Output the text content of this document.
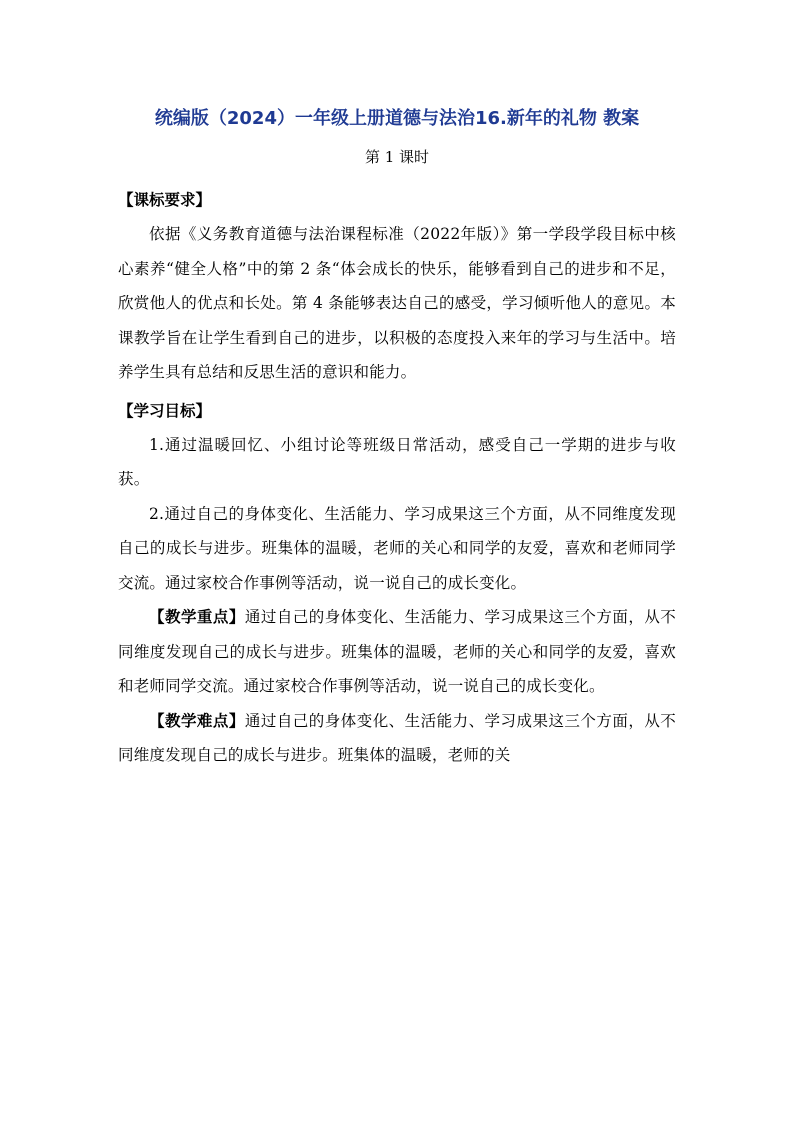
统编版（2024）一年级上册道德与法治16.新年的礼物 教案
第 1 课时
【课标要求】

依据《义务教育道德与法治课程标准（2022年版）》第一学段学段目标中核心素养“健全人格”中的第 2 条“体会成长的快乐，能够看到自己的进步和不足，欣赏他人的优点和长处。第 4 条能够表达自己的感受，学习倾听他人的意见。本课教学旨在让学生看到自己的进步，以积极的态度投入来年的学习与生活中。培养学生具有总结和反思生活的意识和能力。

【学习目标】

1.通过温暖回忆、小组讨论等班级日常活动，感受自己一学期的进步与收获。

2.通过自己的身体变化、生活能力、学习成果这三个方面，从不同维度发现自己的成长与进步。班集体的温暖，老师的关心和同学的友爱，喜欢和老师同学交流。通过家校合作事例等活动，说一说自己的成长变化。

【教学重点】通过自己的身体变化、生活能力、学习成果这三个方面，从不同维度发现自己的成长与进步。班集体的温暖，老师的关心和同学的友爱，喜欢和老师同学交流。通过家校合作事例等活动，说一说自己的成长变化。

【教学难点】通过自己的身体变化、生活能力、学习成果这三个方面，从不同维度发现自己的成长与进步。班集体的温暖，老师的关
